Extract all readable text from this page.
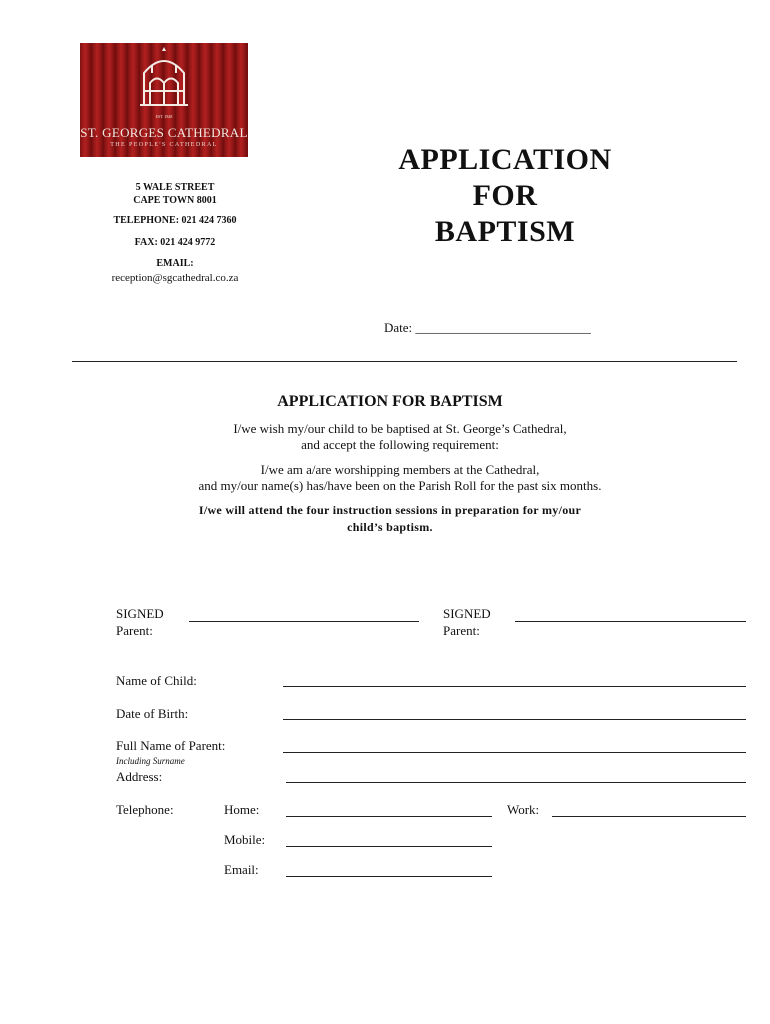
EST. 1848
ST. GEORGES CATHEDRAL
THE PEOPLE'S CATHEDRAL
5 WALE STREET
CAPE TOWN 8001
TELEPHONE: 021 424 7360
FAX: 021 424 9772
EMAIL:
reception@sgcathedral.co.za
APPLICATION
FOR
BAPTISM
Date: ___________________________
APPLICATION FOR BAPTISM
I/we wish my/our child to be baptised at St. George’s Cathedral,
and accept the following requirement:
I/we am a/are worshipping members at the Cathedral,
and my/our name(s) has/have been on the Parish Roll for the past six months.
I/we will attend the four instruction sessions in preparation for my/our
child’s baptism.
SIGNED
Parent:
SIGNED
Parent:
Name of Child:
Date of Birth:
Full Name of Parent:
Including Surname
Address:
Telephone:	Home:	Work:
Mobile:
Email:
